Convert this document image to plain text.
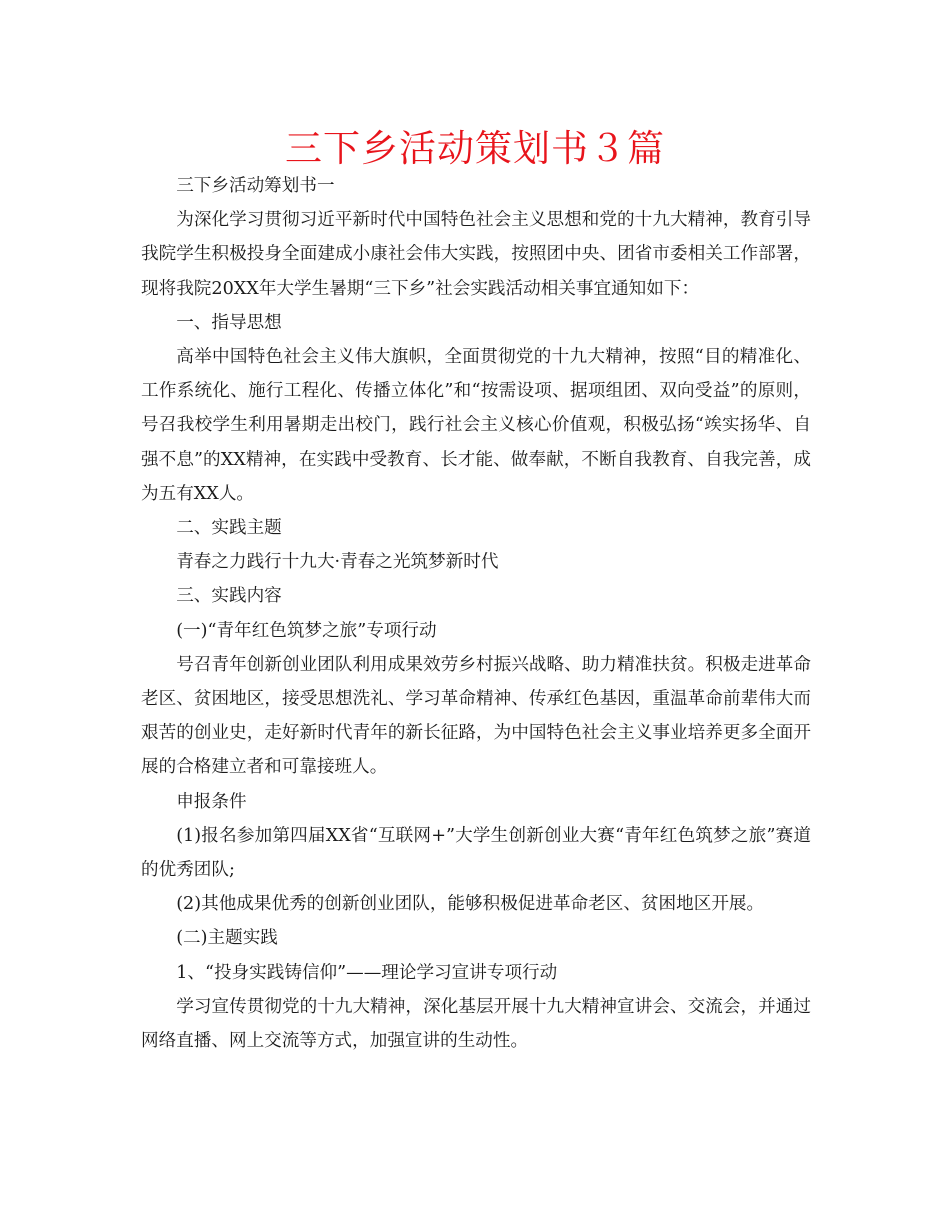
三下乡活动策划书３篇

三下乡活动筹划书一

为深化学习贯彻习近平新时代中国特色社会主义思想和党的十九大精神，教育引导我院学生积极投身全面建成小康社会伟大实践，按照团中央、团省市委相关工作部署，现将我院20XX年大学生暑期“三下乡”社会实践活动相关事宜通知如下：

一、指导思想

高举中国特色社会主义伟大旗帜，全面贯彻党的十九大精神，按照“目的精准化、工作系统化、施行工程化、传播立体化”和“按需设项、据项组团、双向受益”的原则，号召我校学生利用暑期走出校门，践行社会主义核心价值观，积极弘扬“竢实扬华、自强不息”的XX精神，在实践中受教育、长才能、做奉献，不断自我教育、自我完善，成为五有XX人。

二、实践主题

青春之力践行十九大·青春之光筑梦新时代

三、实践内容

(一)“青年红色筑梦之旅”专项行动

号召青年创新创业团队利用成果效劳乡村振兴战略、助力精准扶贫。积极走进革命老区、贫困地区，接受思想洗礼、学习革命精神、传承红色基因，重温革命前辈伟大而艰苦的创业史，走好新时代青年的新长征路，为中国特色社会主义事业培养更多全面开展的合格建立者和可靠接班人。

申报条件

(1)报名参加第四届XX省“互联网+”大学生创新创业大赛“青年红色筑梦之旅”赛道的优秀团队;

(2)其他成果优秀的创新创业团队，能够积极促进革命老区、贫困地区开展。

(二)主题实践

1、“投身实践铸信仰”——理论学习宣讲专项行动

学习宣传贯彻党的十九大精神，深化基层开展十九大精神宣讲会、交流会，并通过网络直播、网上交流等方式，加强宣讲的生动性。
